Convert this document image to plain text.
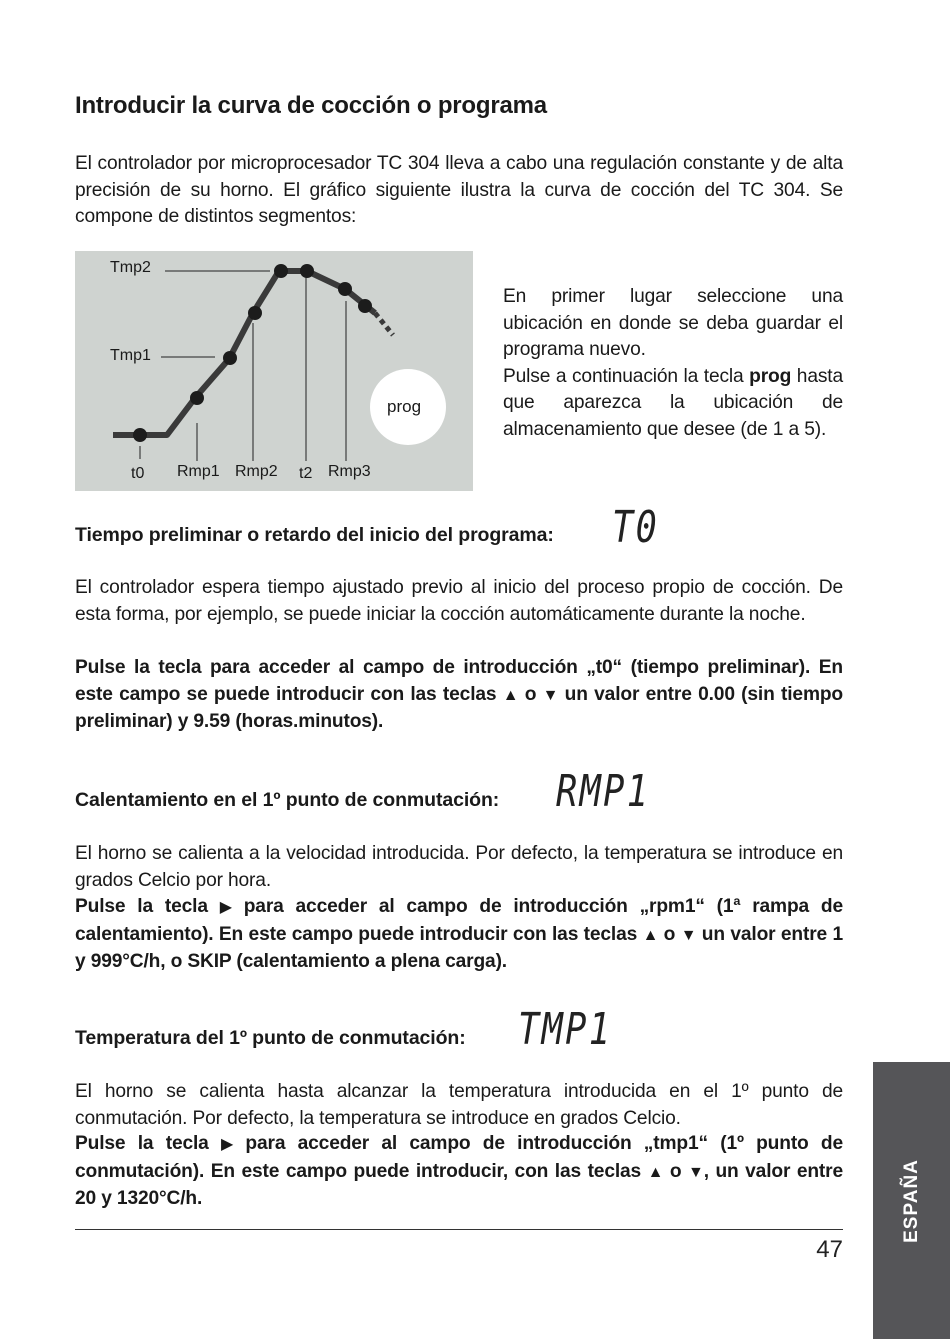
Introducir la curva de cocción o programa

El controlador por microprocesador TC 304 lleva a cabo una regulación constante y de alta precisión de su horno. El gráfico siguiente ilustra la curva de cocción del TC 304. Se compone de distintos segmentos:

Tmp2
Tmp1
t0 Rmp1 Rmp2 t2 Rmp3
prog
En primer lugar seleccione una ubicación en donde se deba guardar el programa nuevo.
Pulse a continuación la tecla prog hasta que aparezca la ubicación de almacenamiento que desee (de 1 a 5).
Tiempo preliminar o retardo del inicio del programa: T0

El controlador espera tiempo ajustado previo al inicio del proceso propio de cocción. De esta forma, por ejemplo, se puede iniciar la cocción automáticamente durante la noche.

Pulse la tecla para acceder al campo de introducción „t0“ (tiempo preliminar). En este campo se puede introducir con las teclas ▲ o ▼ un valor entre 0.00 (sin tiempo preliminar) y 9.59 (horas.minutos).

Calentamiento en el 1º punto de conmutación: RMP1

El horno se calienta a la velocidad introducida. Por defecto, la temperatura se introduce en grados Celcio por hora.

Pulse la tecla ▶ para acceder al campo de introducción „rpm1“ (1ª rampa de calentamiento). En este campo puede introducir con las teclas ▲ o ▼ un valor entre 1 y 999°C/h, o SKIP (calentamiento a plena carga).

Temperatura del 1º punto de conmutación: TMP1

El horno se calienta hasta alcanzar la temperatura introducida en el 1º punto de conmutación. Por defecto, la temperatura se introduce en grados Celcio.

Pulse la tecla ▶ para acceder al campo de introducción „tmp1“ (1º punto de conmutación). En este campo puede introducir, con las teclas ▲ o ▼, un valor entre 20 y 1320°C/h.

47
ESPAÑA
